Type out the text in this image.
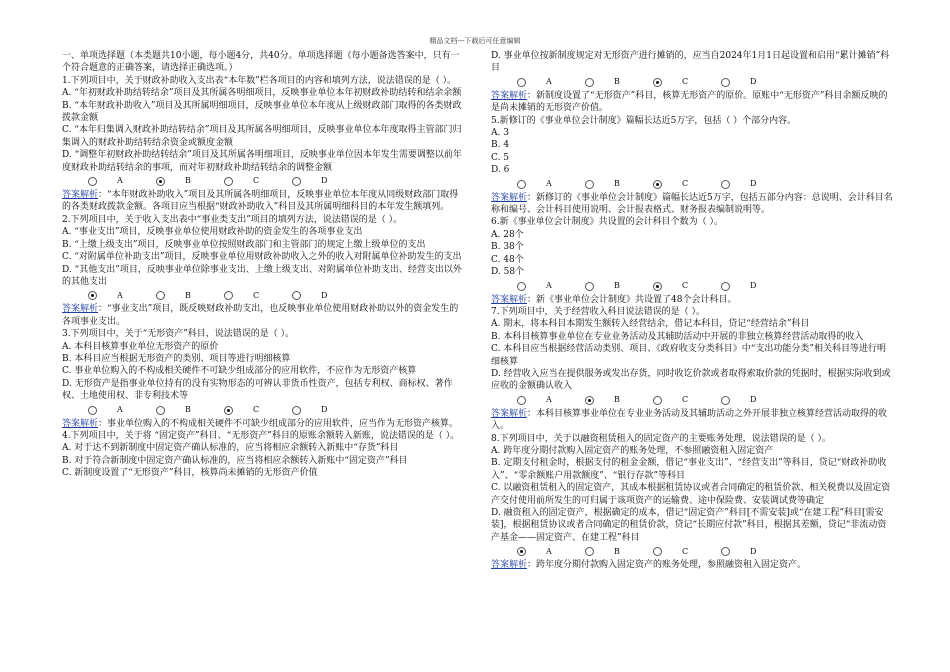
精品文档---下载后可任意编辑
一、单项选择题（本类题共10小题，每小题4分，共40分。单项选择题（每小题备选答案中，只有一个符合题意的正确答案，请选择正确选项。）
1.下列项目中，关于财政补助收入支出表“本年数”栏各项目的内容和填列方法，说法错误的是（ ）。
A. “年初财政补助结转结余”项目及其所属各明细项目，反映事业单位本年初财政补助结转和结余余额
B. “本年财政补助收入”项目及其所属明细项目，反映事业单位本年度从上级财政部门取得的各类财政拨款金额
C. “本年归集调入财政补助结转结余”项目及其所属各明细项目，反映事业单位本年度取得主管部门归集调入的财政补助结转结余资金或额度金额
D. “调整年初财政补助结转结余”项目及其所属各明细项目，反映事业单位因本年发生需要调整以前年度财政补助结转结余的事项，而对年初财政补助结转结余的调整金额
A	B	C	D
答案解析：“本年财政补助收入”项目及其所属各明细项目，反映事业单位本年度从同级财政部门取得的各类财政拨款金额。各项目应当根据“财政补助收入”科目及其所属明细科目的本年发生额填列。
2.下列项目中，关于收入支出表中“事业类支出”项目的填列方法，说法错误的是（ ）。
A. “事业支出”项目，反映事业单位使用财政补助的资金发生的各项事业支出
B. “上缴上级支出”项目，反映事业单位按照财政部门和主管部门的规定上缴上级单位的支出
C. “对附属单位补助支出”项目，反映事业单位用财政补助收入之外的收入对附属单位补助发生的支出
D. “其他支出”项目，反映事业单位除事业支出、上缴上级支出、对附属单位补助支出、经营支出以外的其他支出
A	B	C	D
答案解析：“事业支出”项目，既反映财政补助支出，也反映事业单位使用财政补助以外的资金发生的各项事业支出。
3.下列项目中，关于“无形资产”科目，说法错误的是（ ）。
A. 本科目核算事业单位无形资产的原价
B. 本科目应当根据无形资产的类别、项目等进行明细核算
C. 事业单位购入的不构成相关硬件不可缺少组成部分的应用软件，不应作为无形资产核算
D. 无形资产是指事业单位持有的没有实物形态的可辨认非货币性资产，包括专利权、商标权、著作权、土地使用权、非专利技术等
A	B	C	D
答案解析：事业单位购入的不构成相关硬件不可缺少组成部分的应用软件，应当作为无形资产核算。
4.下列项目中，关于将 “固定资产”科目、“无形资产”科目的原账余额转入新账，说法错误的是（ ）。
A. 对于达不到新制度中固定资产确认标准的，应当将相应余额转入新账中“存货”科目
B. 对于符合新制度中固定资产确认标准的，应当将相应余额转入新账中“固定资产”科目
C. 新制度设置了“无形资产”科目，核算尚未摊销的无形资产价值
D. 事业单位按新制度规定对无形资产进行摊销的，应当自2024年1月1日起设置和启用“累计摊销”科目
A	B	C	D
答案解析：新制度设置了“无形资产”科目，核算无形资产的原价。原账中“无形资产”科目余额反映的是尚未摊销的无形资产价值。
5.新修订的《事业单位会计制度》篇幅长达近5万字，包括（ ）个部分内容。
A. 3
B. 4
C. 5
D. 6
A	B	C	D
答案解析：新修订的《事业单位会计制度》篇幅长达近5万字，包括五部分内容：总说明、会计科目名称和编号、会计科目使用说明、会计报表格式、财务报表编制说明等。
6.新《事业单位会计制度》共设置的会计科目个数为（ ）。
A. 28个
B. 38个
C. 48个
D. 58个
A	B	C	D
答案解析：新《事业单位会计制度》共设置了48个会计科目。
7.下列项目中，关于经营收入科目说法错误的是（ ）。
A. 期末，将本科目本期发生额转入经营结余，借记本科目，贷记“经营结余”科目
B. 本科目核算事业单位在专业业务活动及其辅助活动中开展的非独立核算经营活动取得的收入
C. 本科目应当根据经营活动类别、项目、《政府收支分类科目》中“支出功能分类”相关科目等进行明细核算
D. 经营收入应当在提供服务或发出存货，同时收讫价款或者取得索取价款的凭据时，根据实际收到或应收的金额确认收入
A	B	C	D
答案解析：本科目核算事业单位在专业业务活动及其辅助活动之外开展非独立核算经营活动取得的收入。
8.下列项目中，关于以融资租赁租入的固定资产的主要账务处理，说法错误的是（ ）。
A. 跨年度分期付款购入固定资产的账务处理，不参照融资租入固定资产
B. 定期支付租金时，根据支付的租金金额，借记“事业支出”、“经营支出”等科目，贷记“财政补助收入”、“零余额账户用款额度”、“银行存款”等科目
C. 以融资租赁租入的固定资产，其成本根据租赁协议或者合同确定的租赁价款、相关税费以及固定资产交付使用前所发生的可归属于该项资产的运输费、途中保险费、安装调试费等确定
D. 融资租入的固定资产，根据确定的成本，借记“固定资产”科目[不需安装]或“在建工程”科目[需安装]，根据租赁协议或者合同确定的租赁价款，贷记“长期应付款”科目，根据其差额，贷记“非流动资产基金——固定资产、在建工程”科目
A	B	C	D
答案解析：跨年度分期付款购入固定资产的账务处理，参照融资租入固定资产。
